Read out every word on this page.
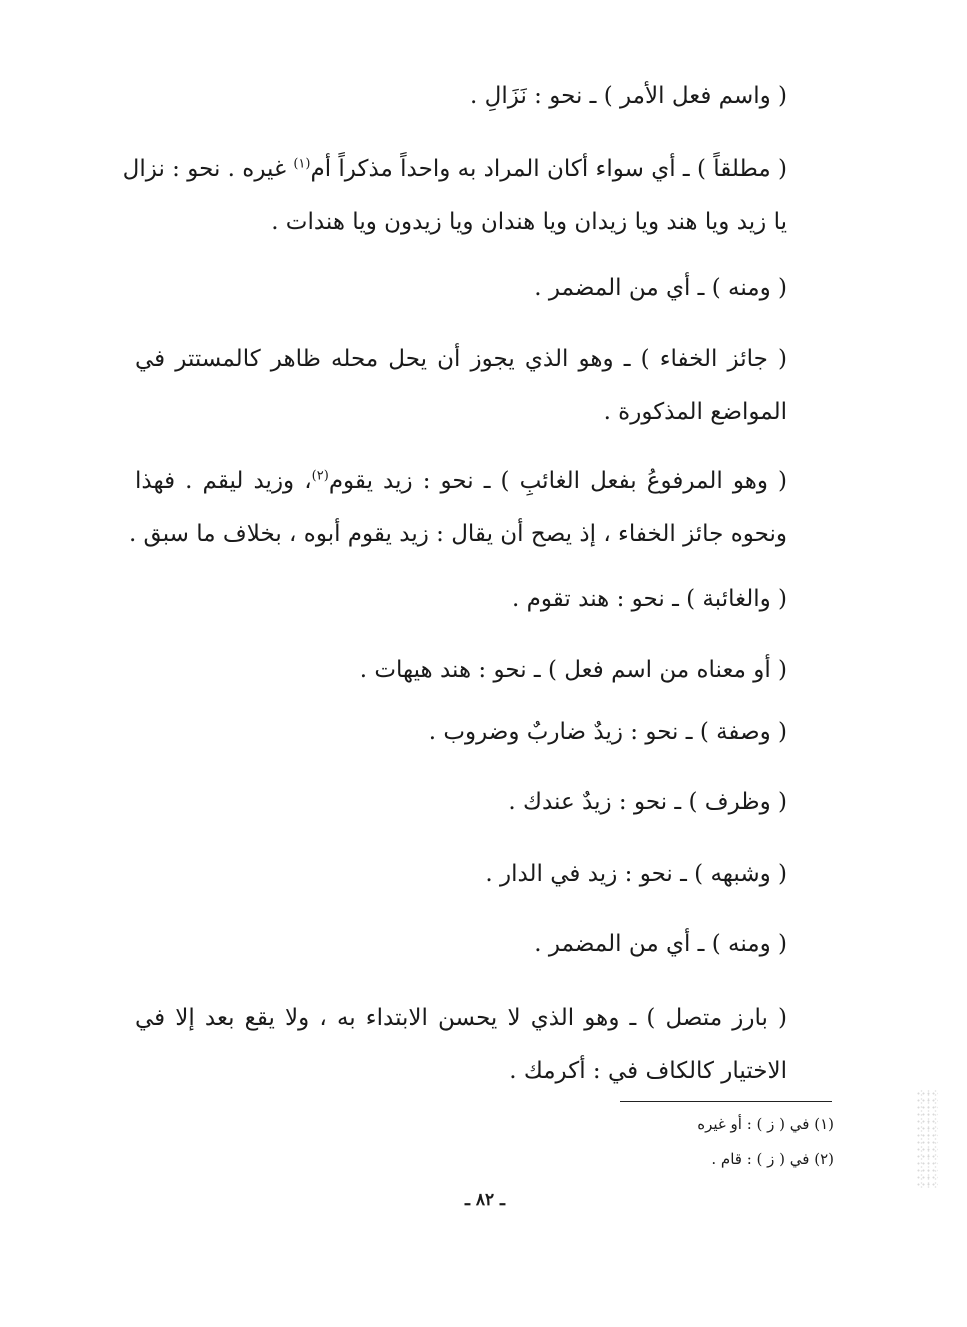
( واسم فعل الأمر ) ـ نحو : نَزَالِ .
( مطلقاً ) ـ أي سواء أكان المراد به واحداً مذكراً أم$^{(١)}$ غيره . نحو : نزال
يا زيد ويا هند ويا زيدان ويا هندان ويا زيدون ويا هندات .
( ومنه ) ـ أي من المضمر .
( جائز الخفاء ) ـ وهو الذي يجوز أن يحل محله ظاهر كالمستتر في
المواضع المذكورة .
( وهو المرفوعُ بفعل الغائبِ ) ـ نحو : زيد يقوم$^{(٢)}$، وزيد ليقم . فهذا
ونحوه جائز الخفاء ، إذ يصح أن يقال : زيد يقوم أبوه ، بخلاف ما سبق .
( والغائبة ) ـ نحو : هند تقوم .
( أو معناه من اسم فعل ) ـ نحو : هند هيهات .
( وصفة ) ـ نحو : زيدٌ ضاربٌ وضروب .
( وظرف ) ـ نحو : زيدٌ عندك .
( وشبهه ) ـ نحو : زيد في الدار .
( ومنه ) ـ أي من المضمر .
( بارز متصل ) ـ وهو الذي لا يحسن الابتداء به ، ولا يقع بعد إلا في
الاختيار كالكاف في : أكرمك .
(١) في ( ز ) : أو غيره
(٢) في ( ز ) : قام .
ـ ٨٢ ـ
